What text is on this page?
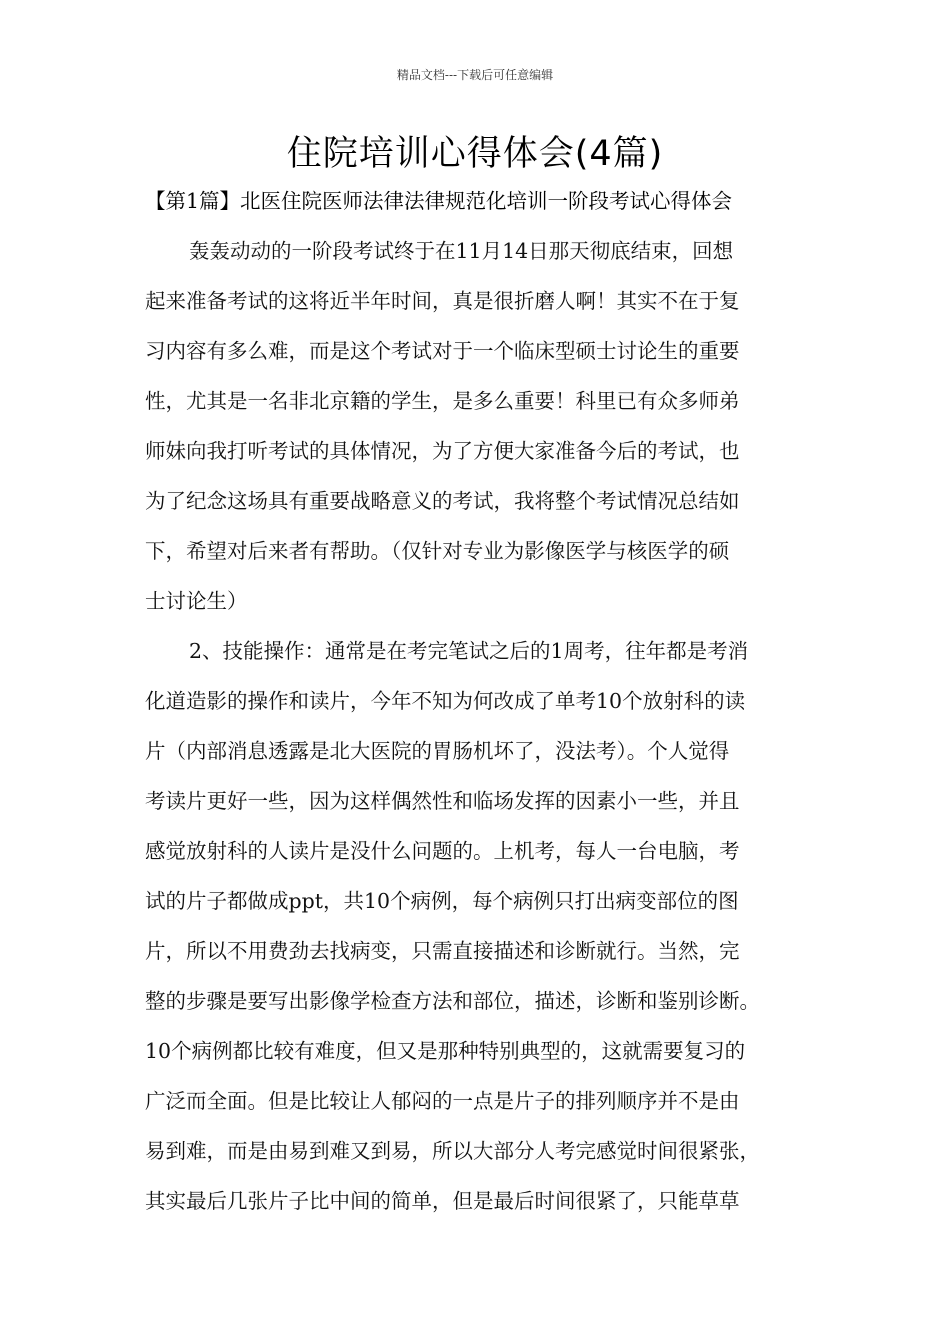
精品文档---下载后可任意编辑
住院培训心得体会(4篇)
【第1篇】北医住院医师法律法律规范化培训一阶段考试心得体会
轰轰动动的一阶段考试终于在11月14日那天彻底结束，回想
起来准备考试的这将近半年时间，真是很折磨人啊！其实不在于复
习内容有多么难，而是这个考试对于一个临床型硕士讨论生的重要
性，尤其是一名非北京籍的学生，是多么重要！科里已有众多师弟
师妹向我打听考试的具体情况，为了方便大家准备今后的考试，也
为了纪念这场具有重要战略意义的考试，我将整个考试情况总结如
下，希望对后来者有帮助。（仅针对专业为影像医学与核医学的硕
士讨论生）
2、技能操作：通常是在考完笔试之后的1周考，往年都是考消
化道造影的操作和读片，今年不知为何改成了单考10个放射科的读
片（内部消息透露是北大医院的胃肠机坏了，没法考）。个人觉得
考读片更好一些，因为这样偶然性和临场发挥的因素小一些，并且
感觉放射科的人读片是没什么问题的。上机考，每人一台电脑，考
试的片子都做成ppt，共10个病例，每个病例只打出病变部位的图
片，所以不用费劲去找病变，只需直接描述和诊断就行。当然，完
整的步骤是要写出影像学检查方法和部位，描述，诊断和鉴别诊断。
10个病例都比较有难度，但又是那种特别典型的，这就需要复习的
广泛而全面。但是比较让人郁闷的一点是片子的排列顺序并不是由
易到难，而是由易到难又到易，所以大部分人考完感觉时间很紧张，
其实最后几张片子比中间的简单，但是最后时间很紧了，只能草草
